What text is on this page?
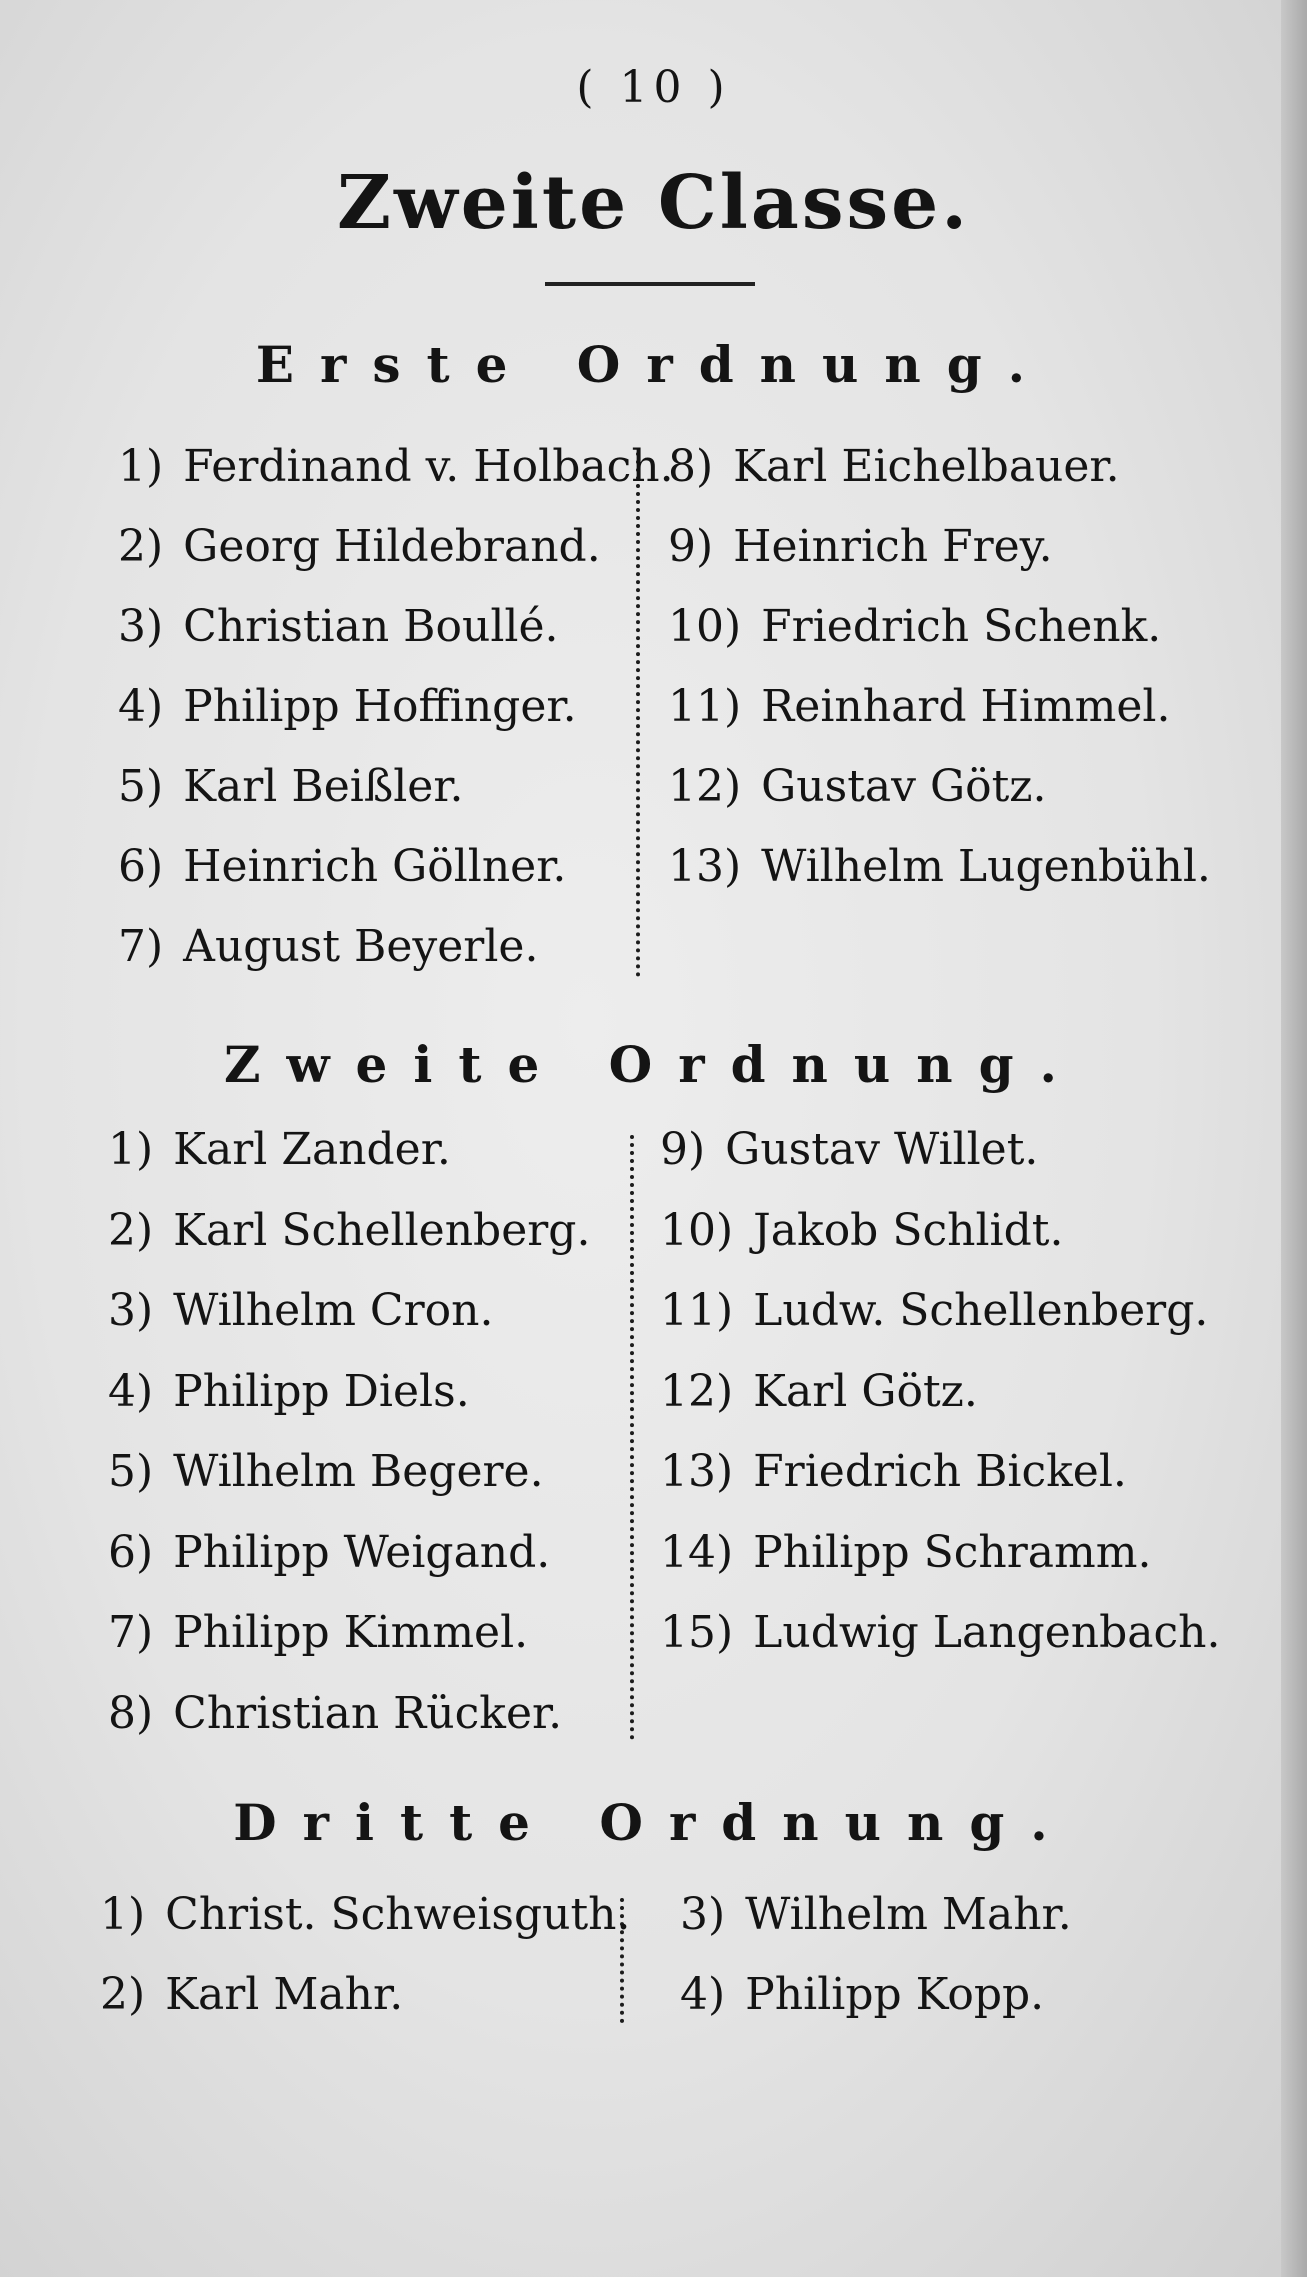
( 10 )
Zweite Classe.
Erste Ordnung.
1) Ferdinand v. Holbach.
2) Georg Hildebrand.
3) Christian Boullé.
4) Philipp Hoffinger.
5) Karl Beißler.
6) Heinrich Göllner.
7) August Beyerle.
8) Karl Eichelbauer.
9) Heinrich Frey.
10) Friedrich Schenk.
11) Reinhard Himmel.
12) Gustav Götz.
13) Wilhelm Lugenbühl.
Zweite Ordnung.
1) Karl Zander.
2) Karl Schellenberg.
3) Wilhelm Cron.
4) Philipp Diels.
5) Wilhelm Begere.
6) Philipp Weigand.
7) Philipp Kimmel.
8) Christian Rücker.
9) Gustav Willet.
10) Jakob Schlidt.
11) Ludw. Schellenberg.
12) Karl Götz.
13) Friedrich Bickel.
14) Philipp Schramm.
15) Ludwig Langenbach.
Dritte Ordnung.
1) Christ. Schweisguth.
2) Karl Mahr.
3) Wilhelm Mahr.
4) Philipp Kopp.
